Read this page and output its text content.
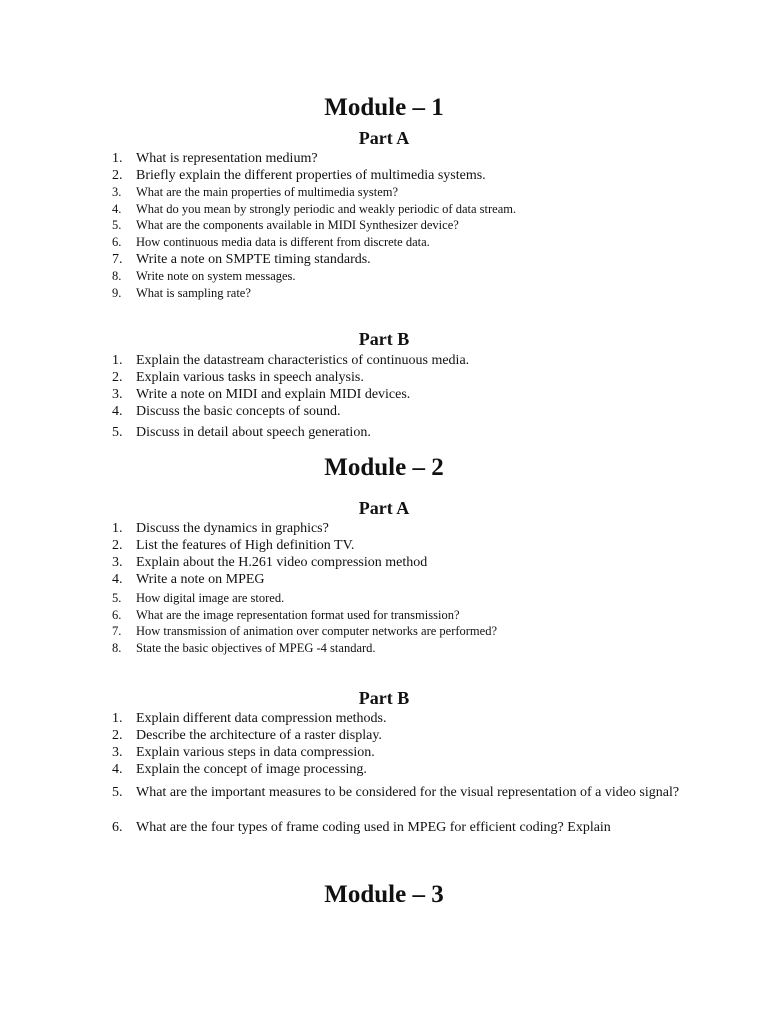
Module – 1
Part A
1. What is representation medium?
2. Briefly explain the different properties of multimedia systems.
3. What are the main properties of multimedia system?
4. What do you mean by strongly periodic and weakly periodic of data stream.
5. What are the components available in MIDI Synthesizer device?
6. How continuous media data is different from discrete data.
7. Write a note on SMPTE timing standards.
8. Write note on system messages.
9. What is sampling rate?
Part B
1. Explain the datastream characteristics of continuous media.
2. Explain various tasks in speech analysis.
3. Write a note on MIDI and explain MIDI devices.
4. Discuss the basic concepts of sound.
5. Discuss in detail about speech generation.
Module – 2
Part A
1. Discuss the dynamics in graphics?
2. List the features of High definition TV.
3. Explain about the H.261 video compression method
4. Write a note on MPEG
5. How digital image are stored.
6. What are the image representation format used for transmission?
7. How transmission of animation over computer networks are performed?
8. State the basic objectives of MPEG -4 standard.
Part B
1. Explain different data compression methods.
2. Describe the architecture of a raster display.
3. Explain various steps in data compression.
4. Explain the concept of image processing.
5. What are the important measures to be considered for the visual representation of a video signal?
6. What are the four types of frame coding used in MPEG for efficient coding? Explain
Module – 3
